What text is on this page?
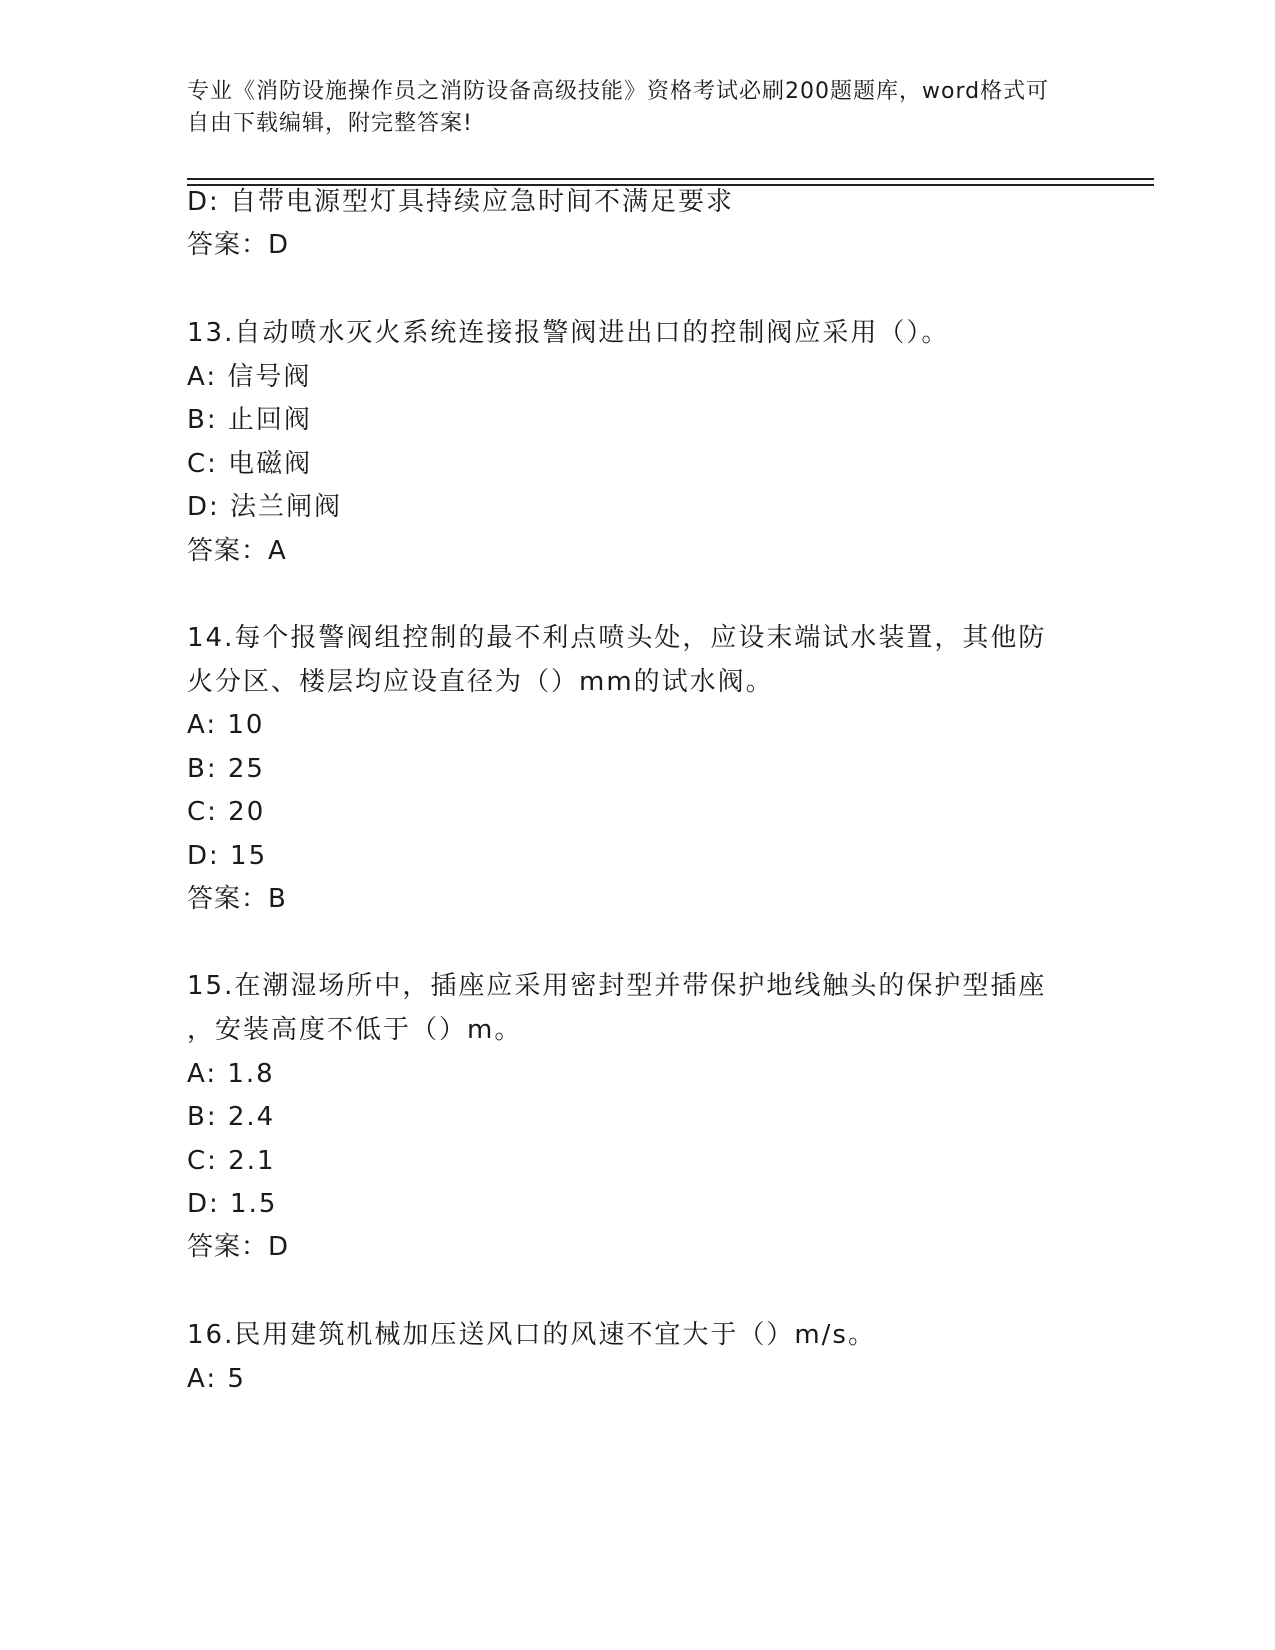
专业《消防设施操作员之消防设备高级技能》资格考试必刷200题题库，word格式可自由下载编辑，附完整答案!
D: 自带电源型灯具持续应急时间不满足要求
答案：D
13.自动喷水灭火系统连接报警阀进出口的控制阀应采用（）。
A: 信号阀
B: 止回阀
C: 电磁阀
D: 法兰闸阀
答案：A
14.每个报警阀组控制的最不利点喷头处，应设末端试水装置，其他防
火分区、楼层均应设直径为（）mm的试水阀。
A: 10
B: 25
C: 20
D: 15
答案：B
15.在潮湿场所中，插座应采用密封型并带保护地线触头的保护型插座
，安装高度不低于（）m。
A: 1.8
B: 2.4
C: 2.1
D: 1.5
答案：D
16.民用建筑机械加压送风口的风速不宜大于（）m/s。
A: 5
